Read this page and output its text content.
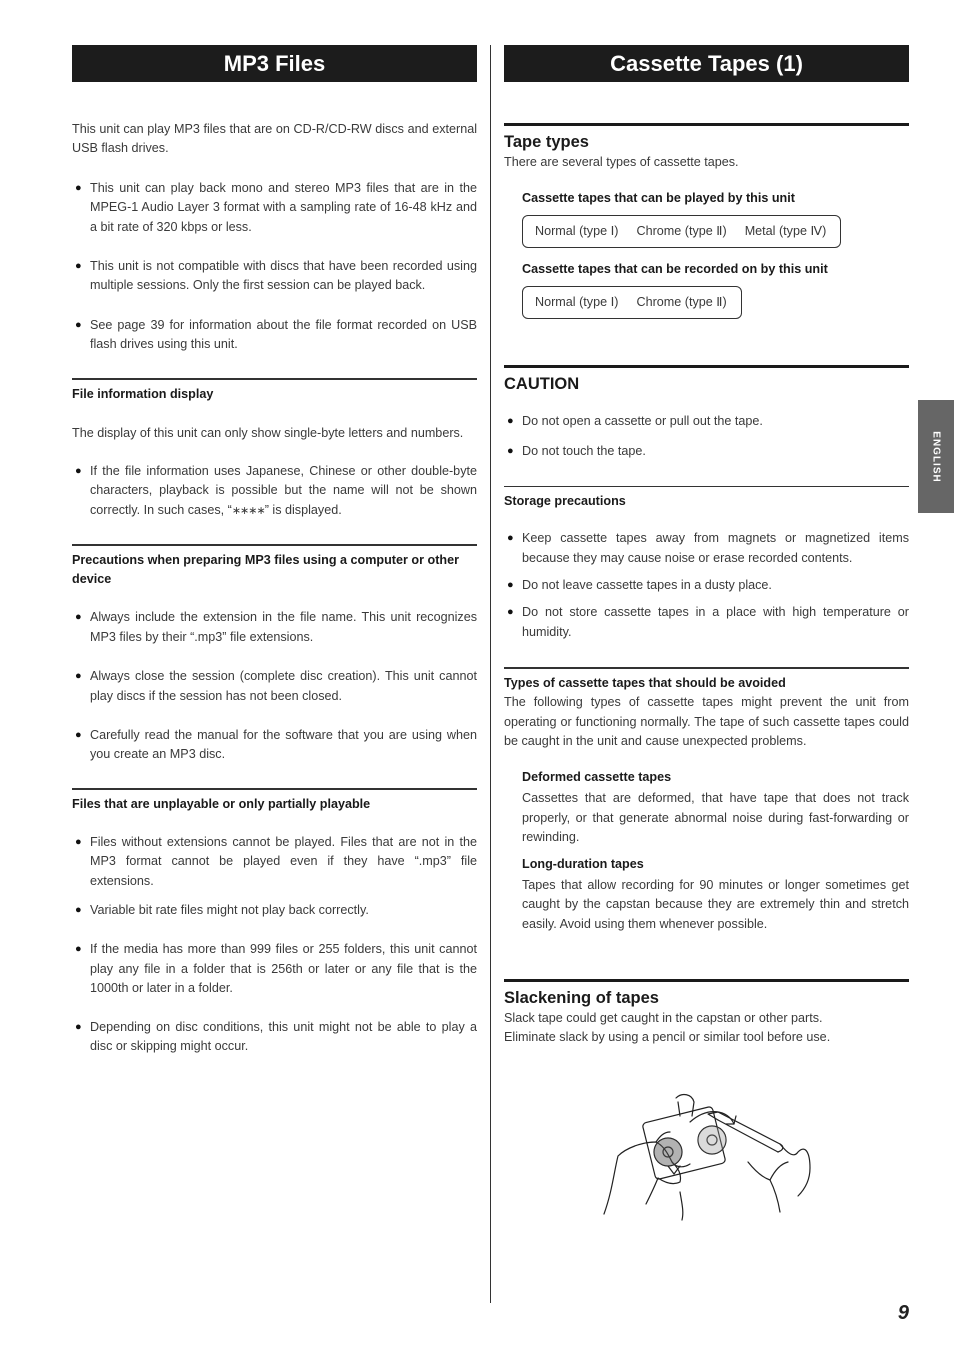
MP3 Files

This unit can play MP3 files that are on CD-R/CD-RW discs and external USB flash drives.

● This unit can play back mono and stereo MP3 files that are in the MPEG-1 Audio Layer 3 format with a sampling rate of 16-48 kHz and a bit rate of 320 kbps or less.
● This unit is not compatible with discs that have been recorded using multiple sessions. Only the first session can be played back.
● See page 39 for information about the file format recorded on USB flash drives using this unit.
File information display

The display of this unit can only show single-byte letters and numbers.

● If the file information uses Japanese, Chinese or other double-byte characters, playback is possible but the name will not be shown correctly. In such cases, “∗∗∗∗” is displayed.
Precautions when preparing MP3 files using a computer or other device
● Always include the extension in the file name. This unit recognizes MP3 files by their “.mp3” file extensions.
● Always close the session (complete disc creation). This unit cannot play discs if the session has not been closed.
● Carefully read the manual for the software that you are using when you create an MP3 disc.
Files that are unplayable or only partially playable
● Files without extensions cannot be played. Files that are not in the MP3 format cannot be played even if they have “.mp3” file extensions.
● Variable bit rate files might not play back correctly.
● If the media has more than 999 files or 255 folders, this unit cannot play any file in a folder that is 256th or later or any file that is the 1000th or later in a folder.
● Depending on disc conditions, this unit might not be able to play a disc or skipping might occur.
Cassette Tapes (1)
Tape types

There are several types of cassette tapes.

Cassette tapes that can be played by this unit
Normal (type Ⅰ) Chrome (type Ⅱ) Metal (type Ⅳ)
Cassette tapes that can be recorded on by this unit
Normal (type Ⅰ) Chrome (type Ⅱ)
CAUTION
● Do not open a cassette or pull out the tape.
● Do not touch the tape.
Storage precautions
● Keep cassette tapes away from magnets or magnetized items because they may cause noise or erase recorded contents.
● Do not leave cassette tapes in a dusty place.
● Do not store cassette tapes in a place with high temperature or humidity.
Types of cassette tapes that should be avoided

The following types of cassette tapes might prevent the unit from operating or functioning normally. The tape of such cassette tapes could be caught in the unit and cause unexpected problems.

Deformed cassette tapes

Cassettes that are deformed, that have tape that does not track properly, or that generate abnormal noise during fast-forwarding or rewinding.

Long-duration tapes

Tapes that allow recording for 90 minutes or longer sometimes get caught by the capstan because they are extremely thin and stretch easily. Avoid using them whenever possible.

Slackening of tapes

Slack tape could get caught in the capstan or other parts.

Eliminate slack by using a pencil or similar tool before use.

ENGLISH
9
